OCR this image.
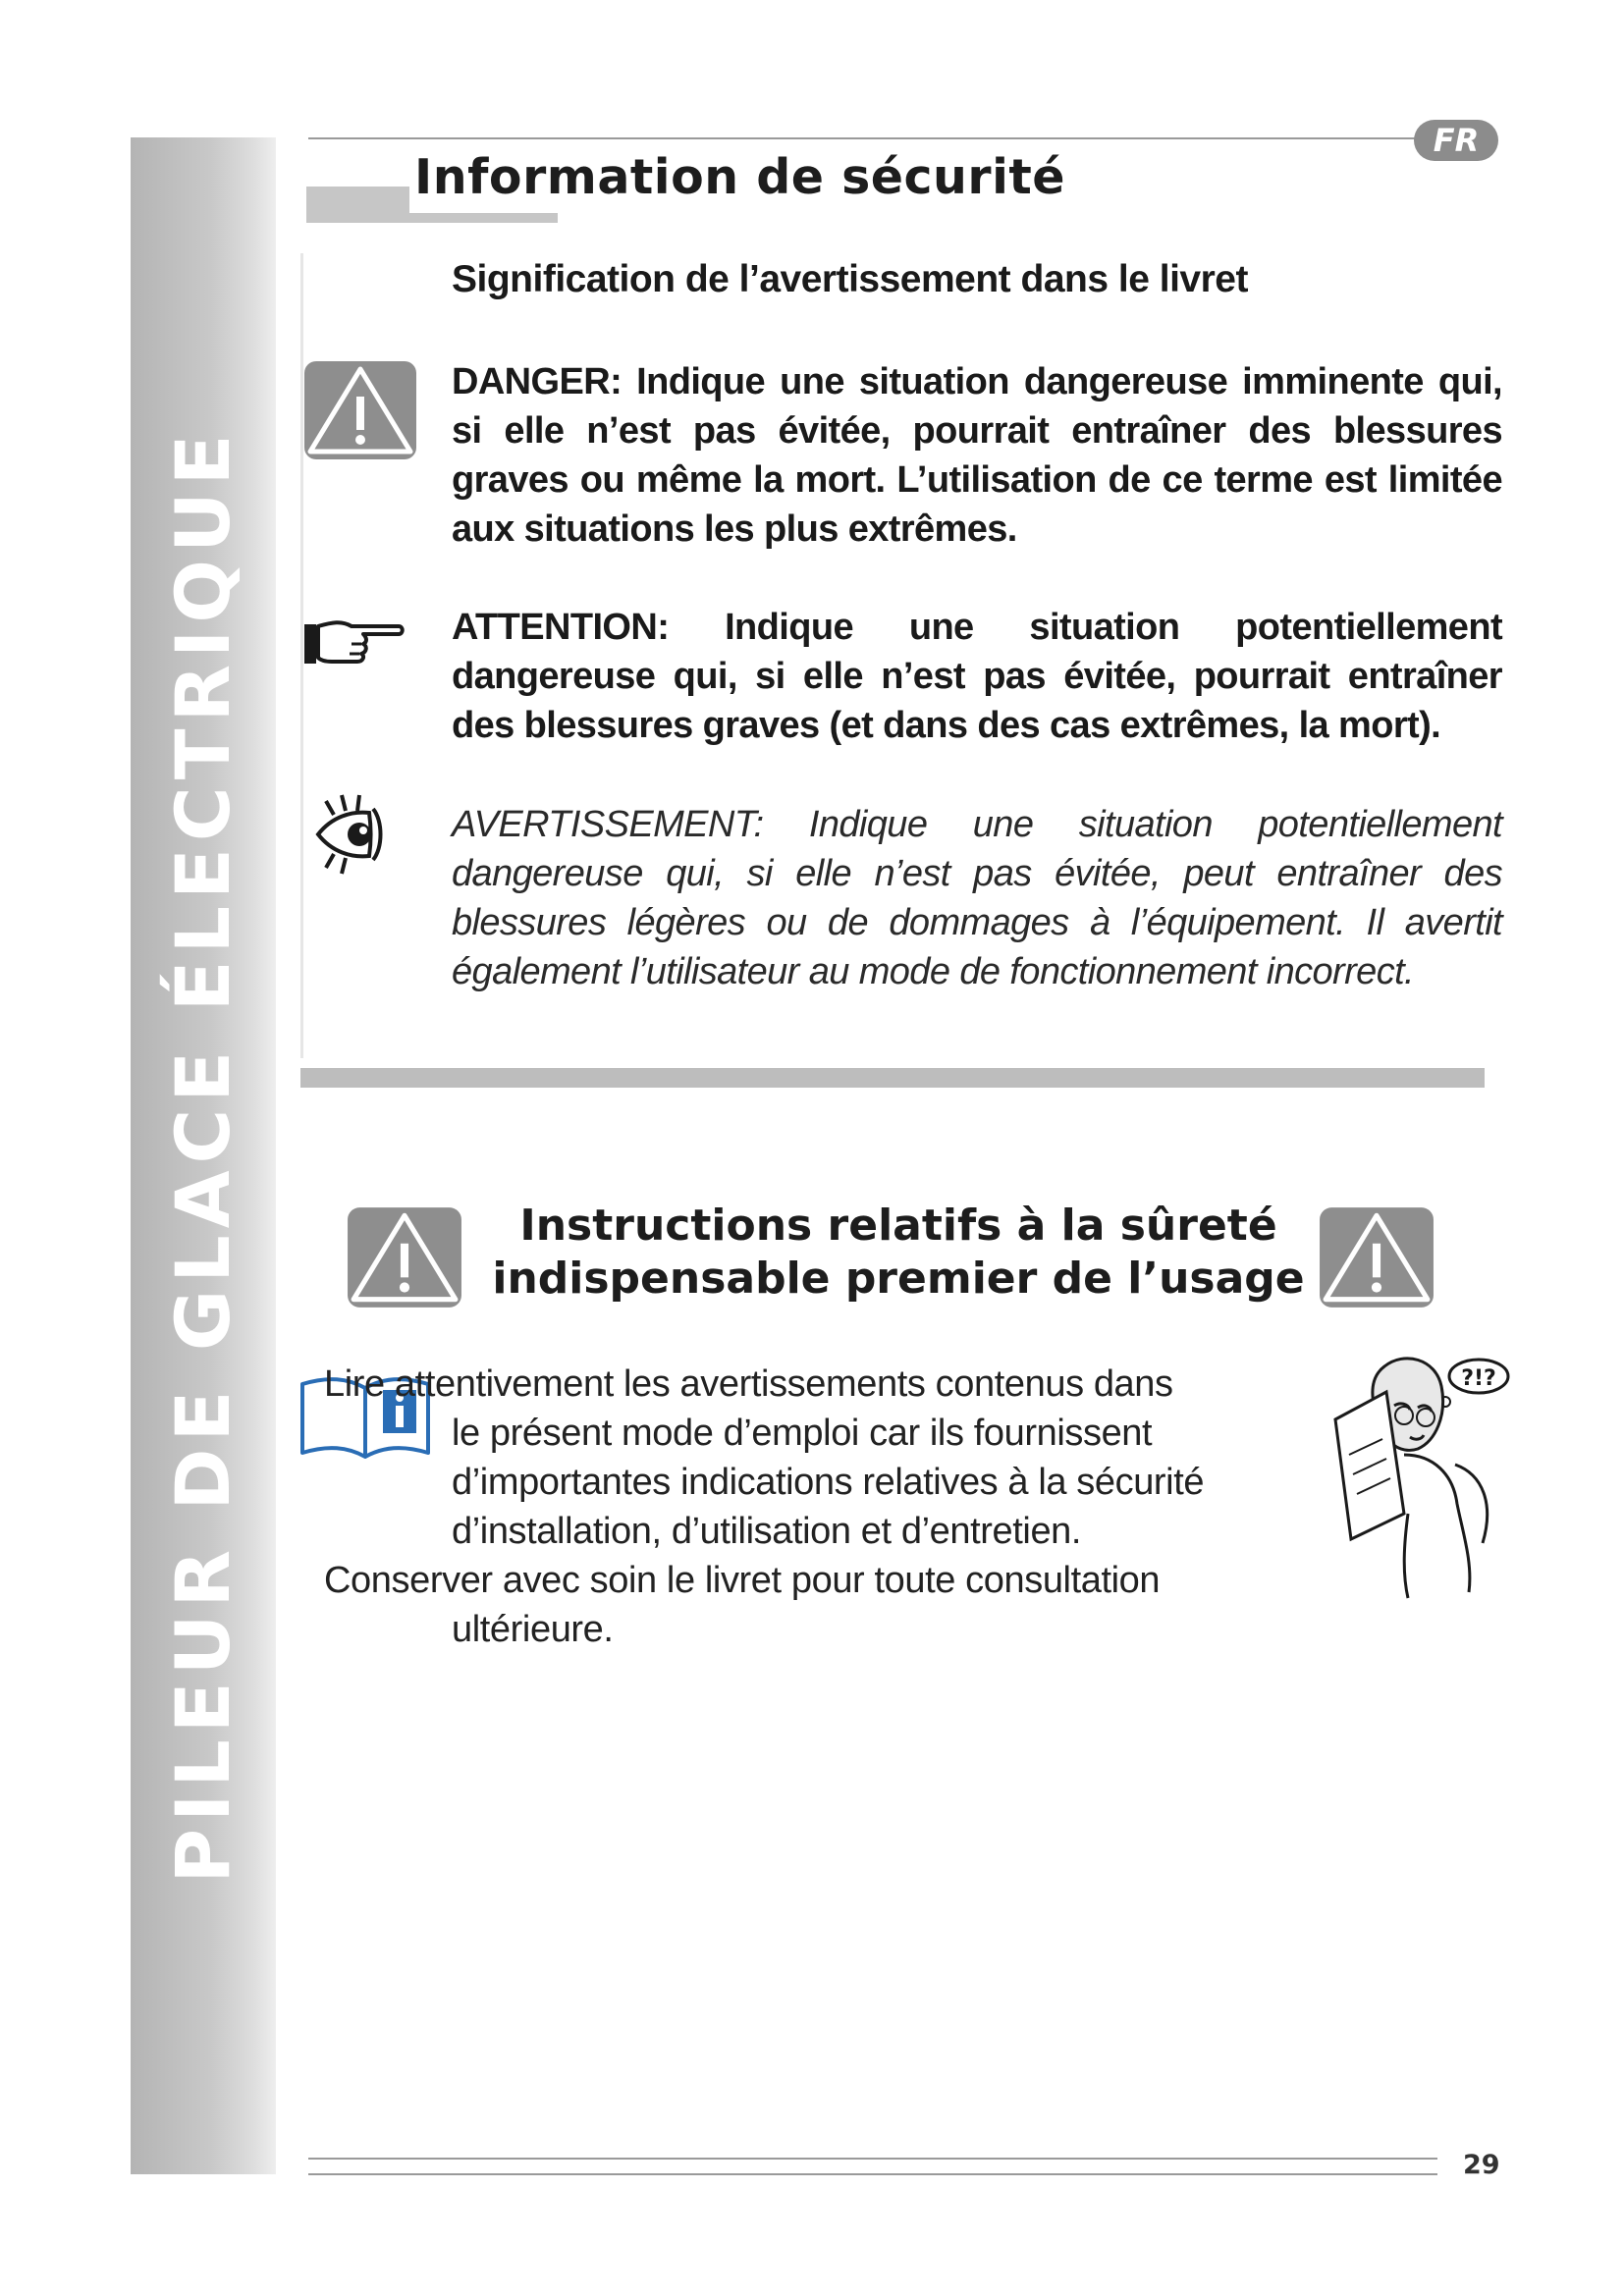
PILEUR DE GLACE ÉLECTRIQUE
FR
Information de sécurité
Signification de l’avertissement dans le livret
DANGER: Indique une situation dangereuse imminente qui, si elle n’est pas évitée, pourrait entraîner des blessures graves ou même la mort. L’utilisation de ce terme est limitée aux situations les plus extrêmes.
ATTENTION: Indique une situation potentiellement dangereuse qui, si elle n’est pas évitée, pourrait entraîner des blessures graves (et dans des cas extrêmes, la mort).
AVERTISSEMENT: Indique une situation potentiellement dangereuse qui, si elle n’est pas évitée, peut entraîner des blessures légères ou de dommages à l’équipement. Il avertit également l’utilisateur au mode de fonctionnement incorrect.
Instructions relatifs à la sûreté
indispensable premier de l’usage
Lire attentivement les avertissements contenus dans
le présent mode d’emploi car ils fournissent d’importantes indications relatives à la sécurité d’installation, d’utilisation et d’entretien.
Conserver avec soin le livret pour toute consultation
ultérieure.
?!?
29
